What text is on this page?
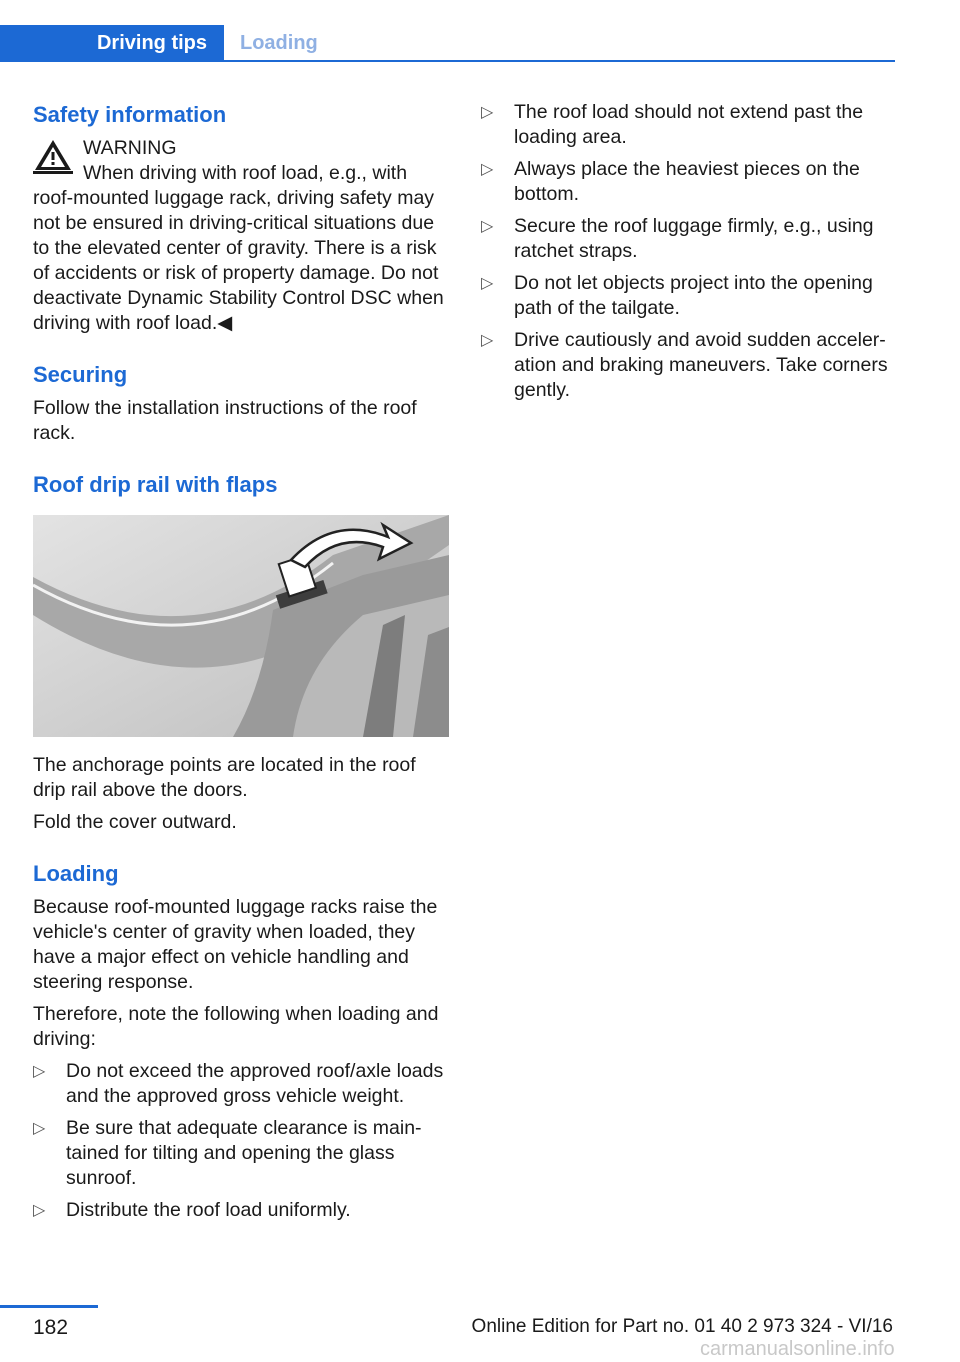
Driving tips	Loading
Safety information
WARNING
When driving with roof load, e.g., with

roof-mounted luggage rack, driving safety may not be ensured in driving-critical situations due to the elevated center of gravity. There is a risk of accidents or risk of property damage. Do not deactivate Dynamic Stability Control DSC when driving with roof load.◀

Securing

Follow the installation instructions of the roof rack.

Roof drip rail with flaps

The anchorage points are located in the roof drip rail above the doors.

Fold the cover outward.

Loading

Because roof-mounted luggage racks raise the vehicle's center of gravity when loaded, they have a major effect on vehicle handling and steering response.

Therefore, note the following when loading and driving:

▷ Do not exceed the approved roof/axle loads and the approved gross vehicle weight.
▷ Be sure that adequate clearance is main‐tained for tilting and opening the glass sunroof.
▷ Distribute the roof load uniformly.
▷ The roof load should not extend past the loading area.
▷ Always place the heaviest pieces on the bottom.
▷ Secure the roof luggage firmly, e.g., using ratchet straps.
▷ Do not let objects project into the opening path of the tailgate.
▷ Drive cautiously and avoid sudden acceler‐ation and braking maneuvers. Take corners gently.
182	Online Edition for Part no. 01 40 2 973 324 - VI/16
carmanualsonline.info
